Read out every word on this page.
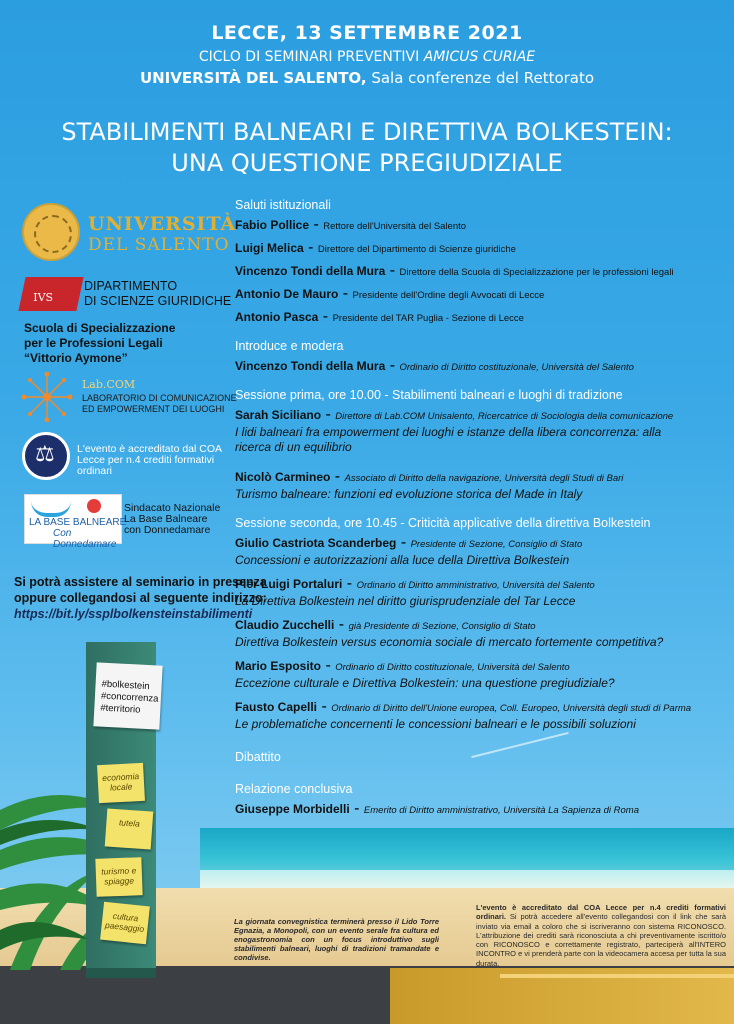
LECCE, 13 SETTEMBRE 2021
CICLO DI SEMINARI PREVENTIVI AMICUS CURIAE
UNIVERSITÀ DEL SALENTO, Sala conferenze del Rettorato
STABILIMENTI BALNEARI E DIRETTIVA BOLKESTEIN:
UNA QUESTIONE PREGIUDIZIALE
UNIVERSITÀ
DEL SALENTO
IVS
DIPARTIMENTO
DI SCIENZE GIURIDICHE
Scuola di Specializzazione
per le Professioni Legali
“Vittorio Aymone”
Lab.COM
LABORATORIO DI COMUNICAZIONE
ED EMPOWERMENT DEI LUOGHI
⚖
L'evento è accreditato dal COA Lecce per n.4 crediti formativi ordinari
LA BASE BALNEARE
Con Donnedamare
Sindacato Nazionale
La Base Balneare
con Donnedamare
Si potrà assistere al seminario in presenza
oppure collegandosi al seguente indirizzo:
https://bit.ly/ssplbolkensteinstabilimenti
Saluti istituzionali
Fabio Pollice - Rettore dell'Università del Salento
Luigi Melica - Direttore del Dipartimento di Scienze giuridiche
Vincenzo Tondi della Mura - Direttore della Scuola di Specializzazione per le professioni legali
Antonio De Mauro - Presidente dell'Ordine degli Avvocati di Lecce
Antonio Pasca - Presidente del TAR Puglia - Sezione di Lecce
Introduce e modera
Vincenzo Tondi della Mura - Ordinario di Diritto costituzionale, Università del Salento
Sessione prima, ore 10.00 - Stabilimenti balneari e luoghi di tradizione
Sarah Siciliano - Direttore di Lab.COM Unisalento, Ricercatrice di Sociologia della comunicazione
I lidi balneari fra empowerment dei luoghi e istanze della libera concorrenza: alla
ricerca di un equilibrio
Nicolò Carmineo - Associato di Diritto della navigazione, Università degli Studi di Bari
Turismo balneare: funzioni ed evoluzione storica del Made in Italy
Sessione seconda, ore 10.45 - Criticità applicative della direttiva Bolkestein
Giulio Castriota Scanderbeg - Presidente di Sezione, Consiglio di Stato
Concessioni e autorizzazioni alla luce della Direttiva Bolkestein
Pier Luigi Portaluri - Ordinario di Diritto amministrativo, Università del Salento
La Direttiva Bolkestein nel diritto giurisprudenziale del Tar Lecce
Claudio Zucchelli - già Presidente di Sezione, Consiglio di Stato
Direttiva Bolkestein versus economia sociale di mercato fortemente competitiva?
Mario Esposito - Ordinario di Diritto costituzionale, Università del Salento
Eccezione culturale e Direttiva Bolkestein: una questione pregiudiziale?
Fausto Capelli - Ordinario di Diritto dell'Unione europea, Coll. Europeo, Università degli studi di Parma
Le problematiche concernenti le concessioni balneari e le possibili soluzioni
Dibattito
Relazione conclusiva
Giuseppe Morbidelli - Emerito di Diritto amministrativo, Università La Sapienza di Roma
#bolkestein
#concorrenza
#territorio
economia locale
tutela
turismo e spiagge
cultura paesaggio	La giornata convegnistica terminerà presso il Lido Torre Egnazia, a Monopoli, con un evento serale fra cultura ed enogastronomia con un focus introduttivo sugli stabilimenti balneari, luoghi di tradizioni tramandate e condivise.
L'evento è accreditato dal COA Lecce per n.4 crediti formativi ordinari. Si potrà accedere all'evento collegandosi con il link che sarà inviato via email a coloro che si iscriveranno con sistema RICONOSCO. L'attribuzione dei crediti sarà riconosciuta a chi preventivamente iscritto/o con RICONOSCO e correttamente registrato, parteciperà all'INTERO INCONTRO e vi prenderà parte con la videocamera accesa per tutta la sua durata.
